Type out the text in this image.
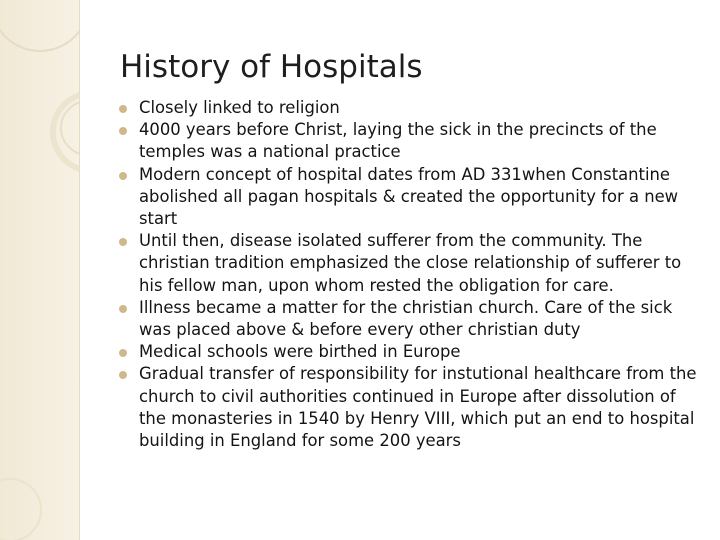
History of Hospitals
Closely linked to religion
4000 years before Christ, laying the sick in the precincts of the temples was a national practice
Modern concept of hospital dates from AD 331when Constantine abolished all pagan hospitals & created the opportunity for a new start
Until then, disease isolated sufferer from the community. The christian tradition emphasized the close relationship of sufferer to his fellow man, upon whom rested the obligation for care.
Illness became a matter for the christian church. Care of the sick was placed above & before every other christian duty
Medical schools were birthed in Europe
Gradual transfer of responsibility for instutional healthcare from the church to civil authorities continued in Europe after dissolution of the monasteries in 1540 by Henry VIII, which put an end to hospital building in England for some 200 years
